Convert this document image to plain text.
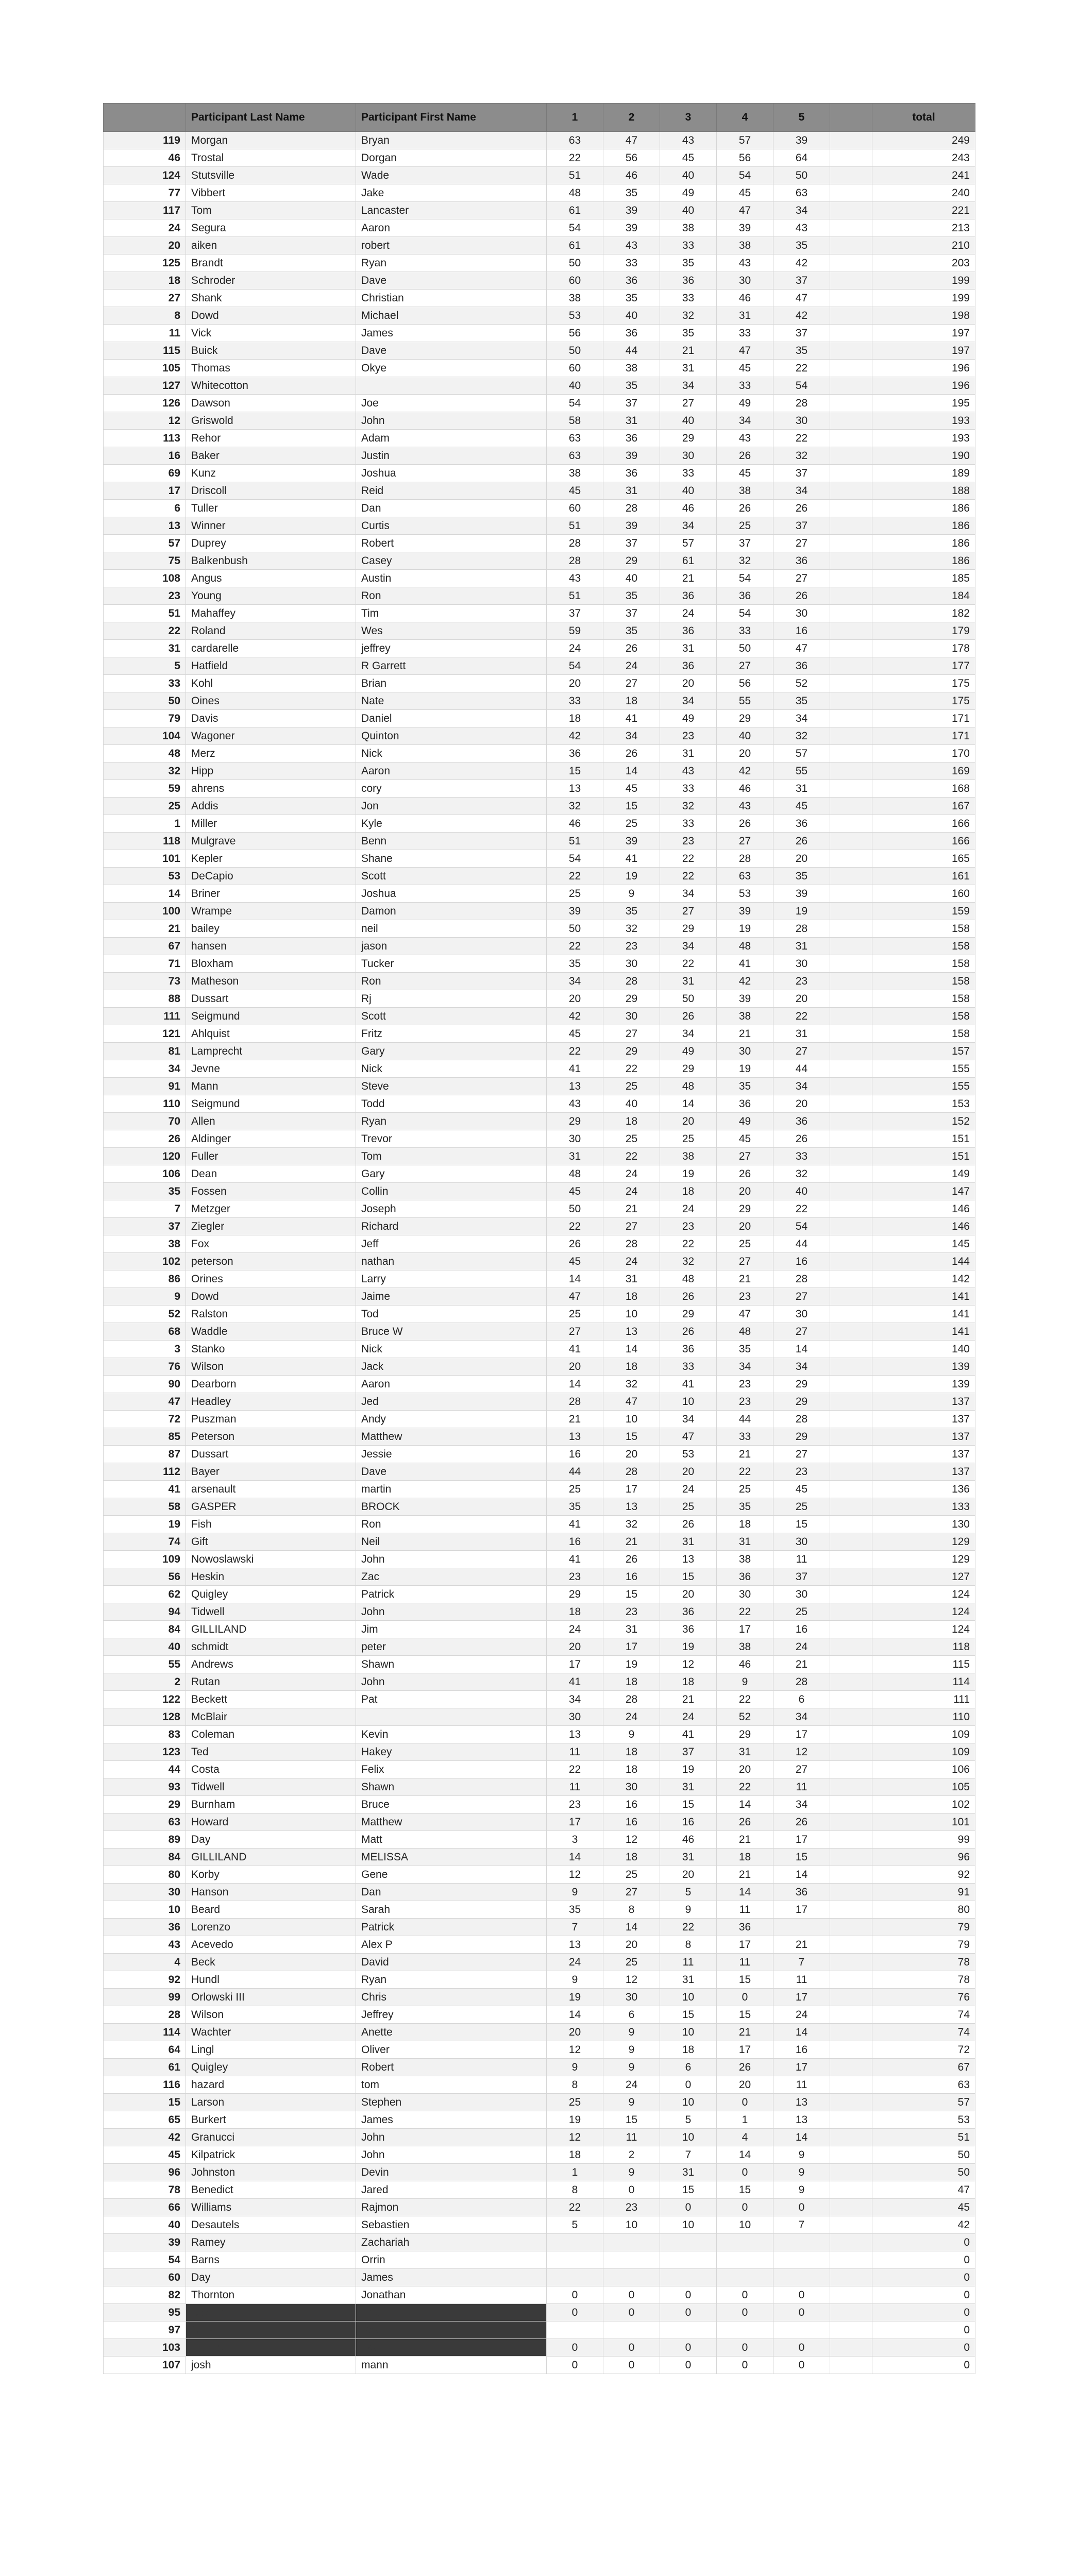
	Participant Last Name	Participant First Name	1	2	3	4	5		total
119	Morgan	Bryan	63	47	43	57	39		249
46	Trostal	Dorgan	22	56	45	56	64		243
124	Stutsville	Wade	51	46	40	54	50		241
77	Vibbert	Jake	48	35	49	45	63		240
117	Tom	Lancaster	61	39	40	47	34		221
24	Segura	Aaron	54	39	38	39	43		213
20	aiken	robert	61	43	33	38	35		210
125	Brandt	Ryan	50	33	35	43	42		203
18	Schroder	Dave	60	36	36	30	37		199
27	Shank	Christian	38	35	33	46	47		199
8	Dowd	Michael	53	40	32	31	42		198
11	Vick	James	56	36	35	33	37		197
115	Buick	Dave	50	44	21	47	35		197
105	Thomas	Okye	60	38	31	45	22		196
127	Whitecotton		40	35	34	33	54		196
126	Dawson	Joe	54	37	27	49	28		195
12	Griswold	John	58	31	40	34	30		193
113	Rehor	Adam	63	36	29	43	22		193
16	Baker	Justin	63	39	30	26	32		190
69	Kunz	Joshua	38	36	33	45	37		189
17	Driscoll	Reid	45	31	40	38	34		188
6	Tuller	Dan	60	28	46	26	26		186
13	Winner	Curtis	51	39	34	25	37		186
57	Duprey	Robert	28	37	57	37	27		186
75	Balkenbush	Casey	28	29	61	32	36		186
108	Angus	Austin	43	40	21	54	27		185
23	Young	Ron	51	35	36	36	26		184
51	Mahaffey	Tim	37	37	24	54	30		182
22	Roland	Wes	59	35	36	33	16		179
31	cardarelle	jeffrey	24	26	31	50	47		178
5	Hatfield	R Garrett	54	24	36	27	36		177
33	Kohl	Brian	20	27	20	56	52		175
50	Oines	Nate	33	18	34	55	35		175
79	Davis	Daniel	18	41	49	29	34		171
104	Wagoner	Quinton	42	34	23	40	32		171
48	Merz	Nick	36	26	31	20	57		170
32	Hipp	Aaron	15	14	43	42	55		169
59	ahrens	cory	13	45	33	46	31		168
25	Addis	Jon	32	15	32	43	45		167
1	Miller	Kyle	46	25	33	26	36		166
118	Mulgrave	Benn	51	39	23	27	26		166
101	Kepler	Shane	54	41	22	28	20		165
53	DeCapio	Scott	22	19	22	63	35		161
14	Briner	Joshua	25	9	34	53	39		160
100	Wrampe	Damon	39	35	27	39	19		159
21	bailey	neil	50	32	29	19	28		158
67	hansen	jason	22	23	34	48	31		158
71	Bloxham	Tucker	35	30	22	41	30		158
73	Matheson	Ron	34	28	31	42	23		158
88	Dussart	Rj	20	29	50	39	20		158
111	Seigmund	Scott	42	30	26	38	22		158
121	Ahlquist	Fritz	45	27	34	21	31		158
81	Lamprecht	Gary	22	29	49	30	27		157
34	Jevne	Nick	41	22	29	19	44		155
91	Mann	Steve	13	25	48	35	34		155
110	Seigmund	Todd	43	40	14	36	20		153
70	Allen	Ryan	29	18	20	49	36		152
26	Aldinger	Trevor	30	25	25	45	26		151
120	Fuller	Tom	31	22	38	27	33		151
106	Dean	Gary	48	24	19	26	32		149
35	Fossen	Collin	45	24	18	20	40		147
7	Metzger	Joseph	50	21	24	29	22		146
37	Ziegler	Richard	22	27	23	20	54		146
38	Fox	Jeff	26	28	22	25	44		145
102	peterson	nathan	45	24	32	27	16		144
86	Orines	Larry	14	31	48	21	28		142
9	Dowd	Jaime	47	18	26	23	27		141
52	Ralston	Tod	25	10	29	47	30		141
68	Waddle	Bruce W	27	13	26	48	27		141
3	Stanko	Nick	41	14	36	35	14		140
76	Wilson	Jack	20	18	33	34	34		139
90	Dearborn	Aaron	14	32	41	23	29		139
47	Headley	Jed	28	47	10	23	29		137
72	Puszman	Andy	21	10	34	44	28		137
85	Peterson	Matthew	13	15	47	33	29		137
87	Dussart	Jessie	16	20	53	21	27		137
112	Bayer	Dave	44	28	20	22	23		137
41	arsenault	martin	25	17	24	25	45		136
58	GASPER	BROCK	35	13	25	35	25		133
19	Fish	Ron	41	32	26	18	15		130
74	Gift	Neil	16	21	31	31	30		129
109	Nowoslawski	John	41	26	13	38	11		129
56	Heskin	Zac	23	16	15	36	37		127
62	Quigley	Patrick	29	15	20	30	30		124
94	Tidwell	John	18	23	36	22	25		124
84	GILLILAND	Jim	24	31	36	17	16		124
40	schmidt	peter	20	17	19	38	24		118
55	Andrews	Shawn	17	19	12	46	21		115
2	Rutan	John	41	18	18	9	28		114
122	Beckett	Pat	34	28	21	22	6		111
128	McBlair		30	24	24	52	34		110
83	Coleman	Kevin	13	9	41	29	17		109
123	Ted	Hakey	11	18	37	31	12		109
44	Costa	Felix	22	18	19	20	27		106
93	Tidwell	Shawn	11	30	31	22	11		105
29	Burnham	Bruce	23	16	15	14	34		102
63	Howard	Matthew	17	16	16	26	26		101
89	Day	Matt	3	12	46	21	17		99
84	GILLILAND	MELISSA	14	18	31	18	15		96
80	Korby	Gene	12	25	20	21	14		92
30	Hanson	Dan	9	27	5	14	36		91
10	Beard	Sarah	35	8	9	11	17		80
36	Lorenzo	Patrick	7	14	22	36			79
43	Acevedo	Alex P	13	20	8	17	21		79
4	Beck	David	24	25	11	11	7		78
92	Hundl	Ryan	9	12	31	15	11		78
99	Orlowski III	Chris	19	30	10	0	17		76
28	Wilson	Jeffrey	14	6	15	15	24		74
114	Wachter	Anette	20	9	10	21	14		74
64	Lingl	Oliver	12	9	18	17	16		72
61	Quigley	Robert	9	9	6	26	17		67
116	hazard	tom	8	24	0	20	11		63
15	Larson	Stephen	25	9	10	0	13		57
65	Burkert	James	19	15	5	1	13		53
42	Granucci	John	12	11	10	4	14		51
45	Kilpatrick	John	18	2	7	14	9		50
96	Johnston	Devin	1	9	31	0	9		50
78	Benedict	Jared	8	0	15	15	9		47
66	Williams	Rajmon	22	23	0	0	0		45
40	Desautels	Sebastien	5	10	10	10	7		42
39	Ramey	Zachariah							0
54	Barns	Orrin							0
60	Day	James							0
82	Thornton	Jonathan	0	0	0	0	0		0
95	Bozich	Eric	0	0	0	0	0		0
97	Ortiz	Sean							0
103	leighton	sky	0	0	0	0	0		0
107	josh	mann	0	0	0	0	0		0
